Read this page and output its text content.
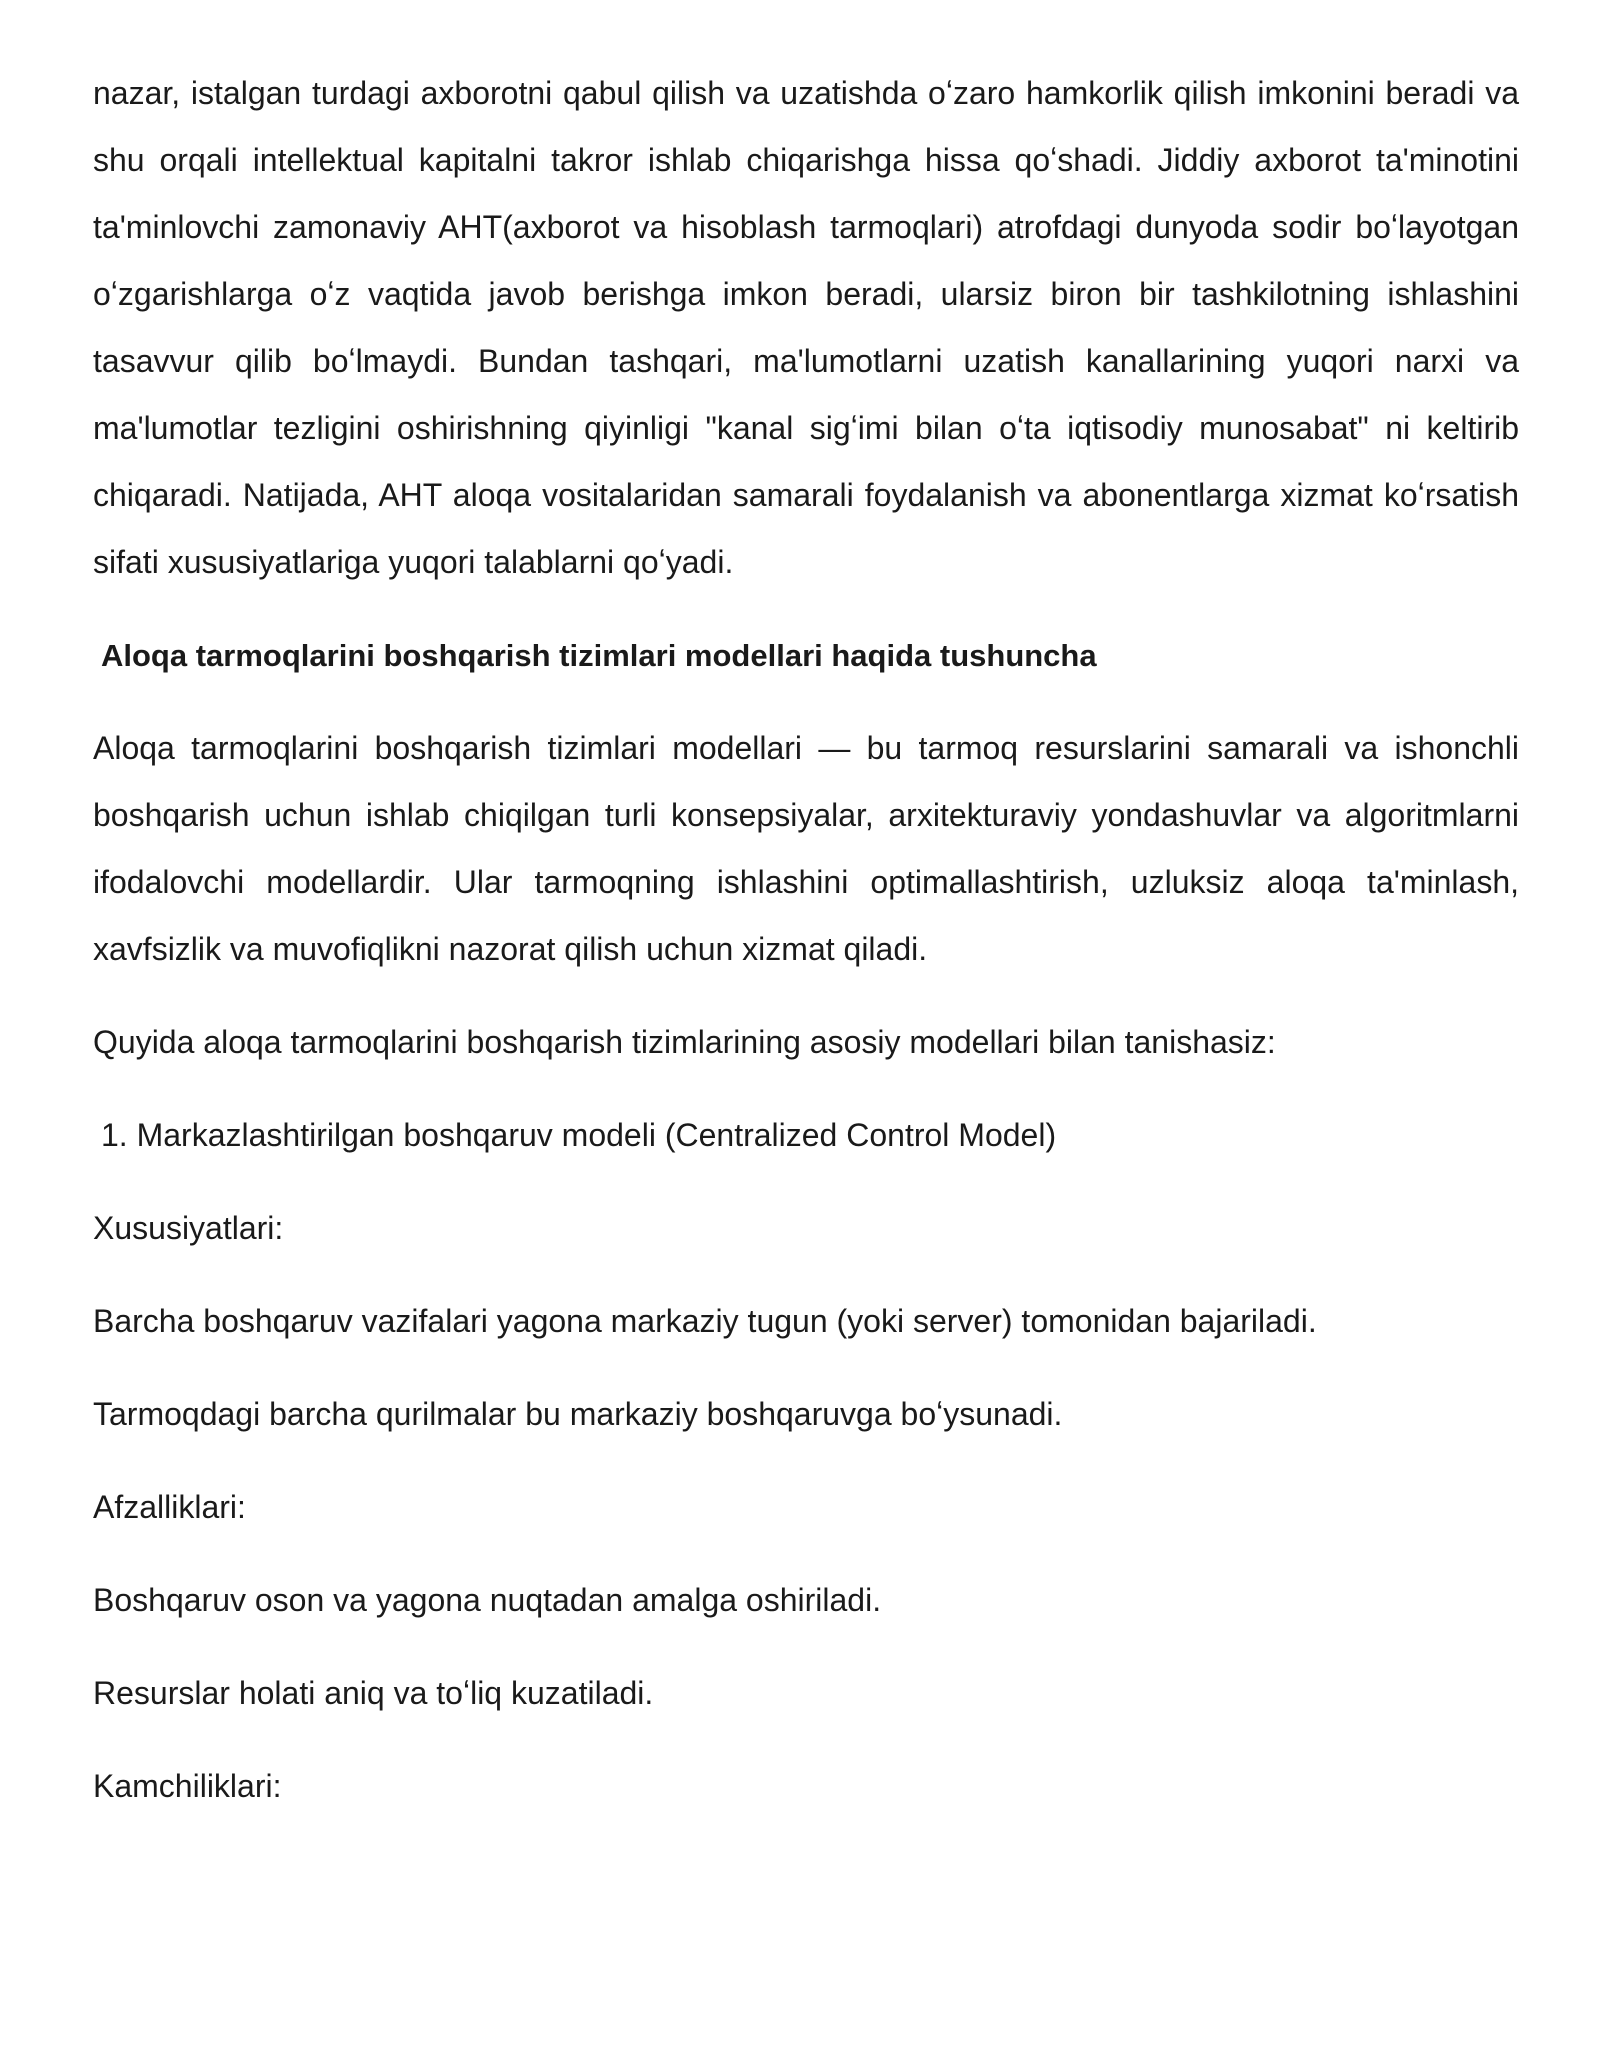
nazar, istalgan turdagi axborotni qabul qilish va uzatishda oʻzaro hamkorlik qilish imkonini beradi va shu orqali intellektual kapitalni takror ishlab chiqarishga hissa qoʻshadi. Jiddiy axborot ta'minotini ta'minlovchi zamonaviy AHT(axborot va hisoblash tarmoqlari) atrofdagi dunyoda sodir boʻlayotgan oʻzgarishlarga oʻz vaqtida javob berishga imkon beradi, ularsiz biron bir tashkilotning ishlashini tasavvur qilib boʻlmaydi. Bundan tashqari, ma'lumotlarni uzatish kanallarining yuqori narxi va ma'lumotlar tezligini oshirishning qiyinligi "kanal sigʻimi bilan oʻta iqtisodiy munosabat" ni keltirib chiqaradi. Natijada, AHT aloqa vositalaridan samarali foydalanish va abonentlarga xizmat koʻrsatish sifati xususiyatlariga yuqori talablarni qoʻyadi.

Aloqa tarmoqlarini boshqarish tizimlari modellari haqida tushuncha

Aloqa tarmoqlarini boshqarish tizimlari modellari — bu tarmoq resurslarini samarali va ishonchli boshqarish uchun ishlab chiqilgan turli konsepsiyalar, arxitekturaviy yondashuvlar va algoritmlarni ifodalovchi modellardir. Ular tarmoqning ishlashini optimallashtirish, uzluksiz aloqa ta'minlash, xavfsizlik va muvofiqlikni nazorat qilish uchun xizmat qiladi.

Quyida aloqa tarmoqlarini boshqarish tizimlarining asosiy modellari bilan tanishasiz:

1. Markazlashtirilgan boshqaruv modeli (Centralized Control Model)

Xususiyatlari:

Barcha boshqaruv vazifalari yagona markaziy tugun (yoki server) tomonidan bajariladi.

Tarmoqdagi barcha qurilmalar bu markaziy boshqaruvga boʻysunadi.

Afzalliklari:

Boshqaruv oson va yagona nuqtadan amalga oshiriladi.

Resurslar holati aniq va toʻliq kuzatiladi.

Kamchiliklari:
